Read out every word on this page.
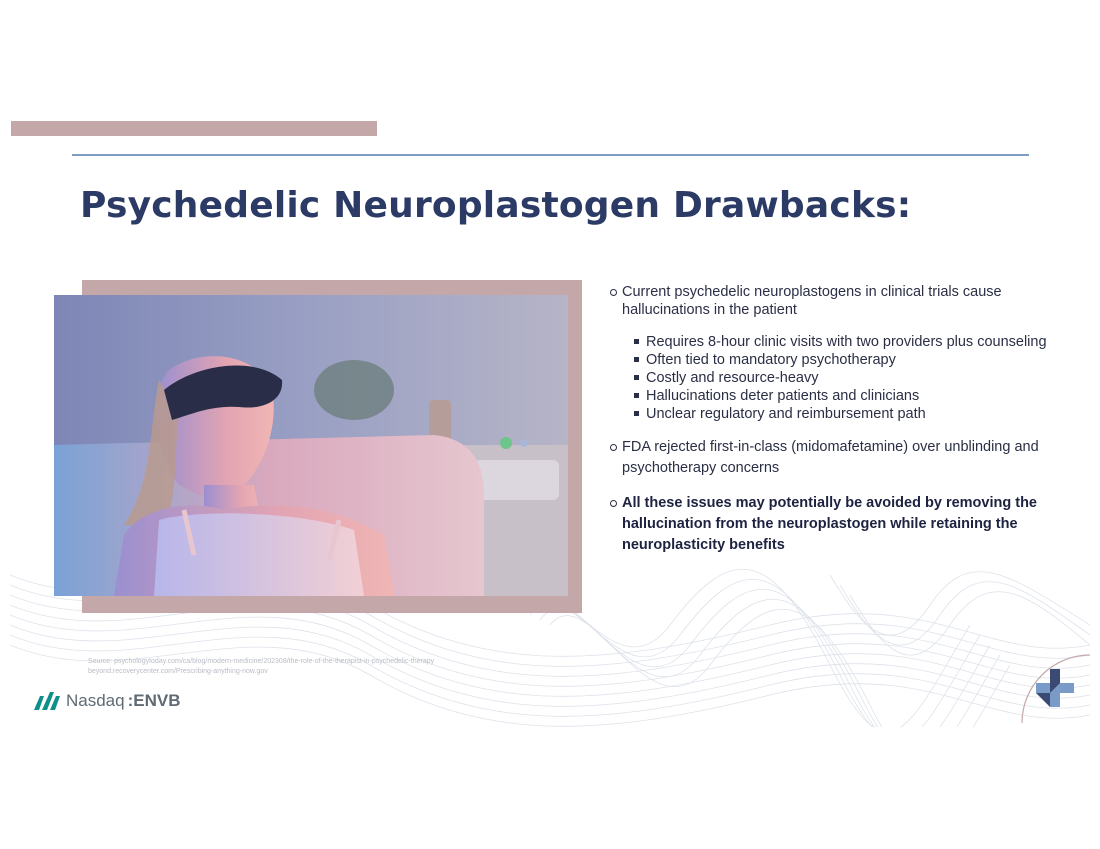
Psychedelic Neuroplastogen Drawbacks:
Current psychedelic neuroplastogens in clinical trials cause hallucinations in the patient
Requires 8-hour clinic visits with two providers plus counseling
Often tied to mandatory psychotherapy
Costly and resource-heavy
Hallucinations deter patients and clinicians
Unclear regulatory and reimbursement path
FDA rejected first-in-class (midomafetamine) over unblinding and psychotherapy concerns
All these issues may potentially be avoided by removing the hallucination from the neuroplastogen while retaining the neuroplasticity benefits
Source: psychologytoday.com/ca/blog/modern-medicine/202308/the-role-of-the-therapist-in-psychedelic-therapy
beyond.recoverycenter.com/Prescribing-anything-now.gov
Nasdaq :ENVB
